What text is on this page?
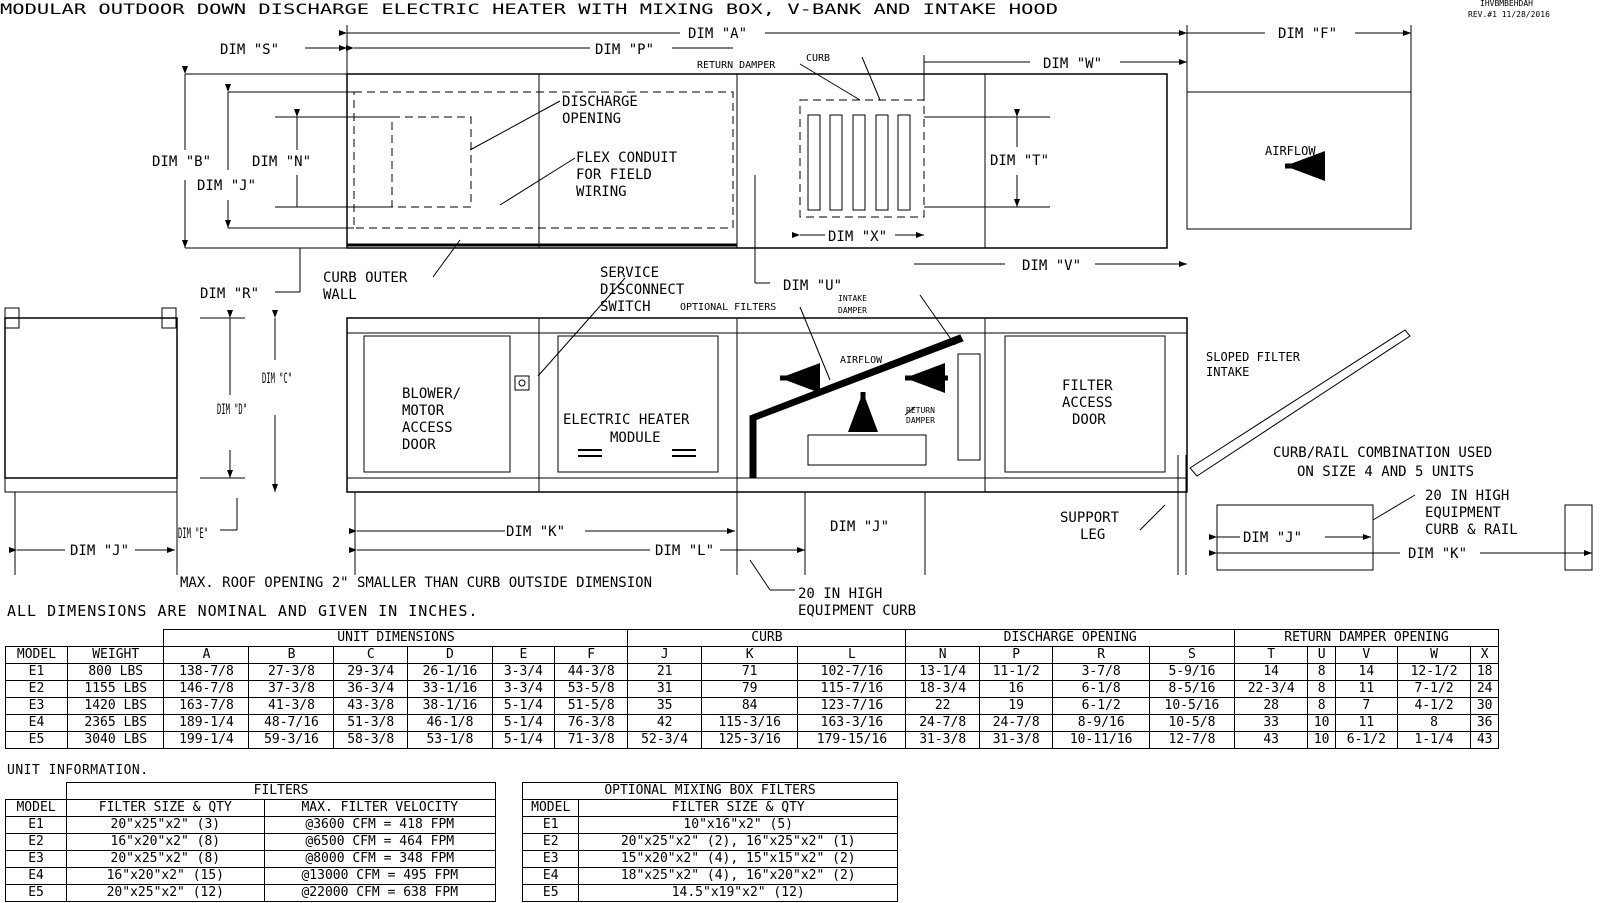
MODULAR OUTDOOR DOWN DISCHARGE ELECTRIC HEATER WITH MIXING BOX, V-BANK AND INTAKE HOOD	IHVBMBEHDAH
REV.#1 11/28/2016
DIM "A"	DIM "F"
DIM "S"	DIM "P"
RETURN DAMPER
CURB	DIM "W"
DISCHARGE
OPENING
DIM "B"	DIM "N"
DIM "J"
FLEX CONDUIT
FOR FIELD
WIRING
DIM "T"
AIRFLOW
DIM "X"
DIM "V"
CURB OUTER
WALL
DIM "R"
SERVICE
DISCONNECT
SWITCH
DIM "U"
OPTIONAL FILTERS
INTAKE
DAMPER
DIM "C"
DIM "D"
BLOWER/
MOTOR
ACCESS
DOOR
ELECTRIC HEATER
MODULE
AIRFLOW
RETURN
DAMPER
FILTER
ACCESS
DOOR
SLOPED FILTER
INTAKE
CURB/RAIL COMBINATION USED
ON SIZE 4 AND 5 UNITS
20 IN HIGH
EQUIPMENT
CURB & RAIL
SUPPORT
LEG
DIM "J"
DIM "E"	DIM "K"	DIM "J"
DIM "L"
DIM "J"
DIM "K"
MAX. ROOF OPENING 2" SMALLER THAN CURB OUTSIDE DIMENSION
20 IN HIGH
EQUIPMENT CURB
ALL DIMENSIONS ARE NOMINAL AND GIVEN IN INCHES.
		UNIT DIMENSIONS						CURB			DISCHARGE OPENING				RETURN DAMPER OPENING				
MODEL	WEIGHT	A	B	C	D	E	F	J	K	L	N	P	R	S	T	U	V	W	X
E1	800 LBS	138-7/8	27-3/8	29-3/4	26-1/16	3-3/4	44-3/8	21	71	102-7/16	13-1/4	11-1/2	3-7/8	5-9/16	14	8	14	12-1/2	18
E2	1155 LBS	146-7/8	37-3/8	36-3/4	33-1/16	3-3/4	53-5/8	31	79	115-7/16	18-3/4	16	6-1/8	8-5/16	22-3/4	8	11	7-1/2	24
E3	1420 LBS	163-7/8	41-3/8	43-3/8	38-1/16	5-1/4	51-5/8	35	84	123-7/16	22	19	6-1/2	10-5/16	28	8	7	4-1/2	30
E4	2365 LBS	189-1/4	48-7/16	51-3/8	46-1/8	5-1/4	76-3/8	42	115-3/16	163-3/16	24-7/8	24-7/8	8-9/16	10-5/8	33	10	11	8	36
E5	3040 LBS	199-1/4	59-3/16	58-3/8	53-1/8	5-1/4	71-3/8	52-3/4	125-3/16	179-15/16	31-3/8	31-3/8	10-11/16	12-7/8	43	10	6-1/2	1-1/4	43
UNIT INFORMATION.
	FILTERS	
MODEL	FILTER SIZE & QTY	MAX. FILTER VELOCITY
E1	20"x25"x2" (3)	@3600 CFM = 418 FPM
E2	16"x20"x2" (8)	@6500 CFM = 464 FPM
E3	20"x25"x2" (8)	@8000 CFM = 348 FPM
E4	16"x20"x2" (15)	@13000 CFM = 495 FPM
E5	20"x25"x2" (12)	@22000 CFM = 638 FPM
OPTIONAL MIXING BOX FILTERS	
MODEL	FILTER SIZE & QTY
E1	10"x16"x2" (5)
E2	20"x25"x2" (2), 16"x25"x2" (1)
E3	15"x20"x2" (4), 15"x15"x2" (2)
E4	18"x25"x2" (4), 16"x20"x2" (2)
E5	14.5"x19"x2" (12)
